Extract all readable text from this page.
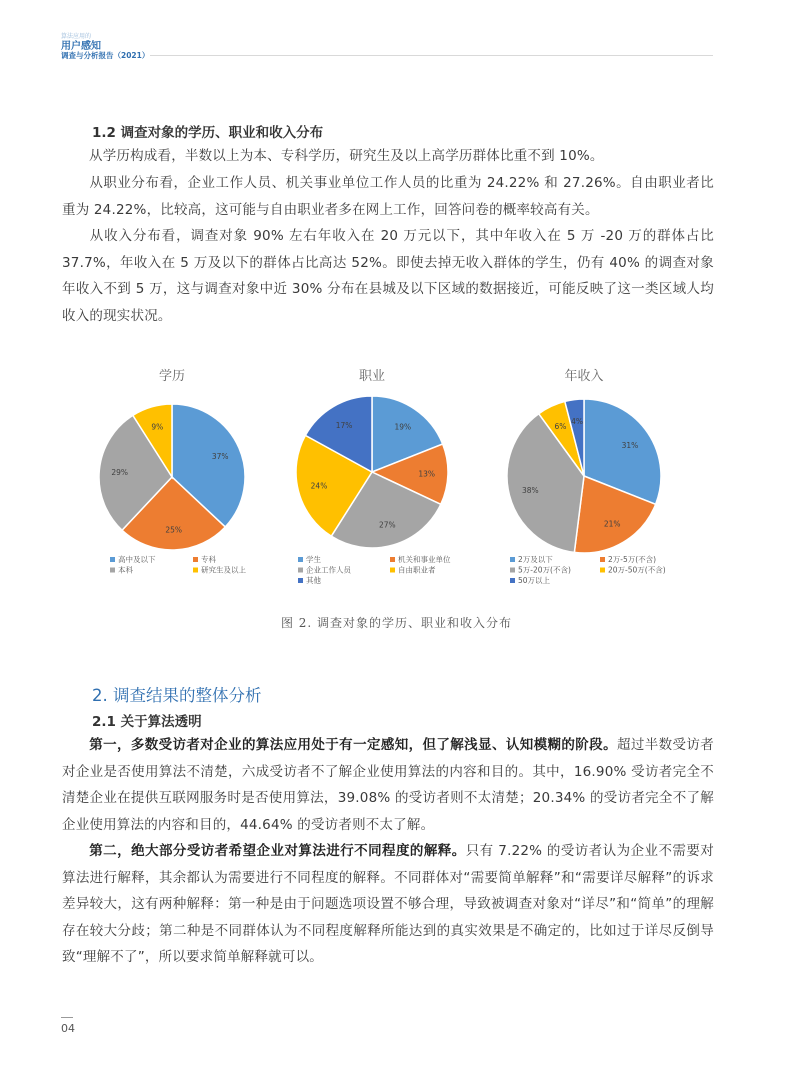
算法应用的
用户感知
调查与分析报告（2021）
1.2 调查对象的学历、职业和收入分布
从学历构成看，半数以上为本、专科学历，研究生及以上高学历群体比重不到 10%。
从职业分布看，企业工作人员、机关事业单位工作人员的比重为 24.22% 和 27.26%。自由职业者比重为 24.22%，比较高，这可能与自由职业者多在网上工作，回答问卷的概率较高有关。
从收入分布看，调查对象 90% 左右年收入在 20 万元以下，其中年收入在 5 万 -20 万的群体占比 37.7%，年收入在 5 万及以下的群体占比高达 52%。即使去掉无收入群体的学生，仍有 40% 的调查对象年收入不到 5 万，这与调查对象中近 30% 分布在县城及以下区域的数据接近，可能反映了这一类区域人均收入的现实状况。
学历
37%
25%
29%
9%
高中及以下	专科
本科	研究生及以上
职业
19%
13%
27%
24%
17%
学生	机关和事业单位
企业工作人员	自由职业者
其他
年收入
31%
21%
38%
6%
4%
2万及以下	2万-5万(不含)
5万-20万(不含)	20万-50万(不含)
50万以上
图 2. 调查对象的学历、职业和收入分布
2. 调查结果的整体分析
2.1 关于算法透明
第一，多数受访者对企业的算法应用处于有一定感知，但了解浅显、认知模糊的阶段。超过半数受访者对企业是否使用算法不清楚，六成受访者不了解企业使用算法的内容和目的。其中，16.90% 受访者完全不清楚企业在提供互联网服务时是否使用算法，39.08% 的受访者则不太清楚；20.34% 的受访者完全不了解企业使用算法的内容和目的，44.64% 的受访者则不太了解。
第二，绝大部分受访者希望企业对算法进行不同程度的解释。只有 7.22% 的受访者认为企业不需要对算法进行解释，其余都认为需要进行不同程度的解释。不同群体对“需要简单解释”和“需要详尽解释”的诉求差异较大，这有两种解释：第一种是由于问题选项设置不够合理，导致被调查对象对“详尽”和“简单”的理解存在较大分歧；第二种是不同群体认为不同程度解释所能达到的真实效果是不确定的，比如过于详尽反倒导致“理解不了”，所以要求简单解释就可以。
04
